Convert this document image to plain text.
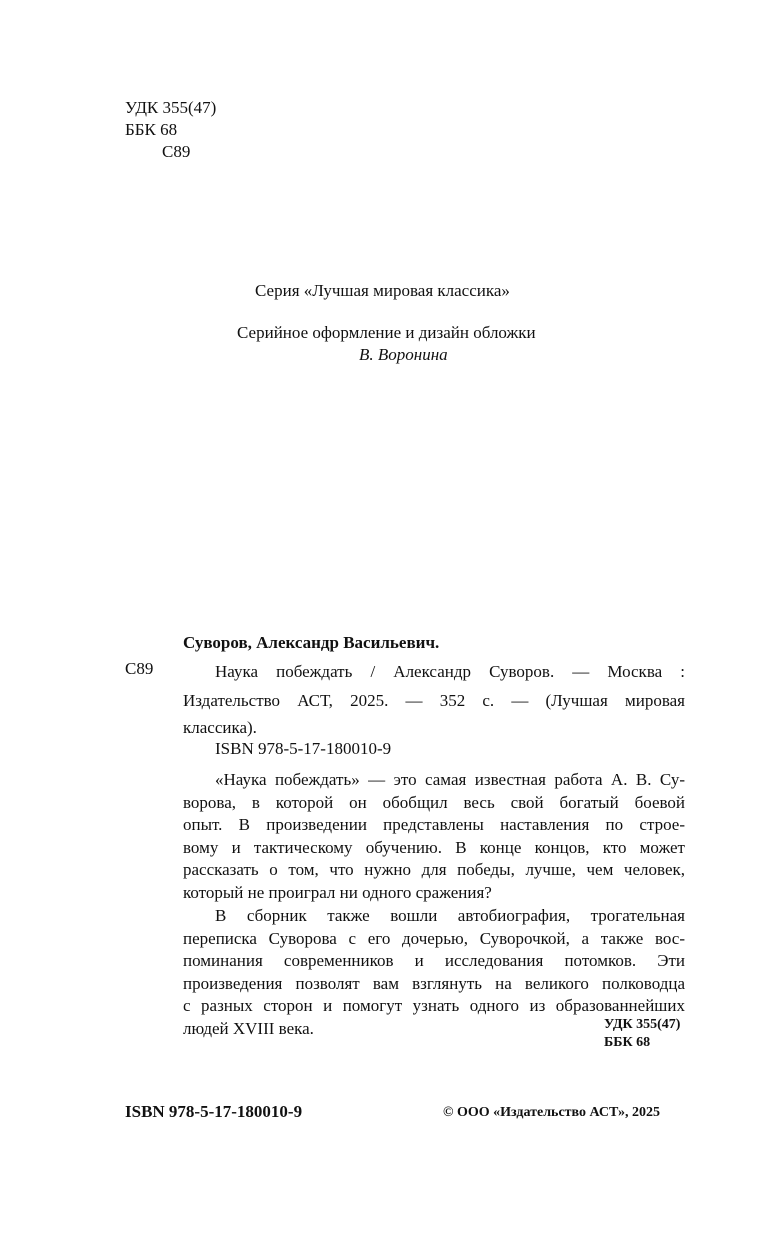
УДК 355(47)
ББК 68
С89
Серия «Лучшая мировая классика»
Серийное оформление и дизайн обложки
В. Воронина
Суворов, Александр Васильевич.
С89	Наука побеждать / Александр Суворов. — Москва :
Издательство АСТ, 2025. — 352 с. — (Лучшая мировая
классика).
ISBN 978-5-17-180010-9
«Наука побеждать» — это самая известная работа А. В. Су-
ворова, в которой он обобщил весь свой богатый боевой
опыт. В произведении представлены наставления по строе-
вому и тактическому обучению. В конце концов, кто может
рассказать о том, что нужно для победы, лучше, чем человек,
который не проиграл ни одного сражения?
В сборник также вошли автобиография, трогательная
переписка Суворова с его дочерью, Суворочкой, а также вос-
поминания современников и исследования потомков. Эти
произведения позволят вам взглянуть на великого полководца
с разных сторон и помогут узнать одного из образованнейших
людей XVIII века.	УДК 355(47)
ББК 68
ISBN 978-5-17-180010-9	© ООО «Издательство АСТ», 2025
